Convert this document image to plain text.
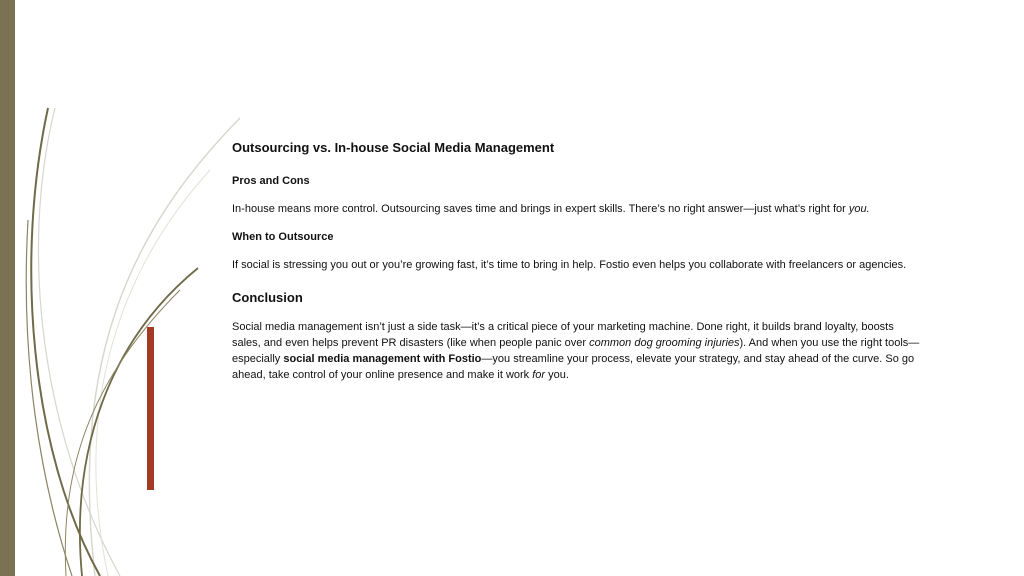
Outsourcing vs. In-house Social Media Management
Pros and Cons
In-house means more control. Outsourcing saves time and brings in expert skills. There’s no right answer—just what’s right for you.
When to Outsource
If social is stressing you out or you’re growing fast, it’s time to bring in help. Fostio even helps you collaborate with freelancers or agencies.
Conclusion
Social media management isn’t just a side task—it’s a critical piece of your marketing machine. Done right, it builds brand loyalty, boosts sales, and even helps prevent PR disasters (like when people panic over common dog grooming injuries). And when you use the right tools—especially social media management with Fostio—you streamline your process, elevate your strategy, and stay ahead of the curve. So go ahead, take control of your online presence and make it work for you.
